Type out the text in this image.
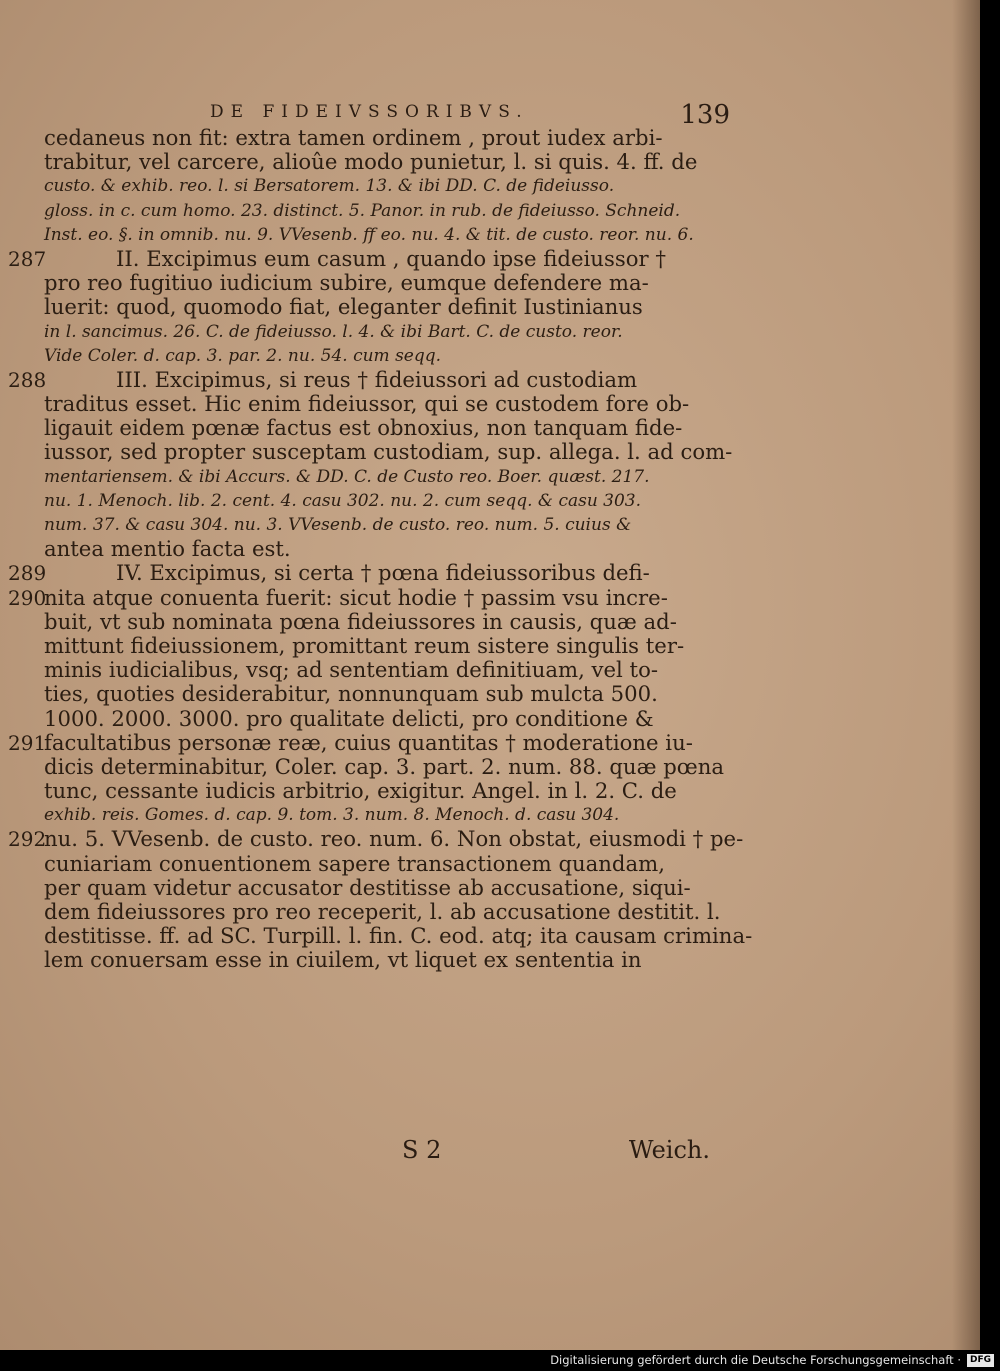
DE FIDEIVSSORIBVS.	139
cedaneus non fit: extra tamen ordinem , prout iudex arbi-
trabitur, vel carcere, alioûe modo punietur, l. si quis. 4. ff. de
custo. & exhib. reo. l. si Bersatorem. 13. & ibi DD. C. de fideiusso.
gloss. in c. cum homo. 23. distinct. 5. Panor. in rub. de fideiusso. Schneid.
Inst. eo. §. in omnib. nu. 9. VVesenb. ff eo. nu. 4. & tit. de custo. reor. nu. 6.
287	II. Excipimus eum casum , quando ipse fideiussor †
pro reo fugitiuo iudicium subire, eumque defendere ma-
luerit: quod, quomodo fiat, eleganter definit Iustinianus
in l. sancimus. 26. C. de fideiusso. l. 4. & ibi Bart. C. de custo. reor.
Vide Coler. d. cap. 3. par. 2. nu. 54. cum seqq.
288	III. Excipimus, si reus † fideiussori ad custodiam
traditus esset. Hic enim fideiussor, qui se custodem fore ob-
ligauit eidem pœnæ factus est obnoxius, non tanquam fide-
iussor, sed propter susceptam custodiam, sup. allega. l. ad com-
mentariensem. & ibi Accurs. & DD. C. de Custo reo. Boer. quæst. 217.
nu. 1. Menoch. lib. 2. cent. 4. casu 302. nu. 2. cum seqq. & casu 303.
num. 37. & casu 304. nu. 3. VVesenb. de custo. reo. num. 5. cuius &
antea mentio facta est.
289	IV. Excipimus, si certa † pœna fideiussoribus defi-
290
nita atque conuenta fuerit: sicut hodie † passim vsu incre-
buit, vt sub nominata pœna fideiussores in causis, quæ ad-
mittunt fideiussionem, promittant reum sistere singulis ter-
minis iudicialibus, vsq; ad sententiam definitiuam, vel to-
ties, quoties desiderabitur, nonnunquam sub mulcta 500.
1000. 2000. 3000. pro qualitate delicti, pro conditione &
291
facultatibus personæ reæ, cuius quantitas † moderatione iu-
dicis determinabitur, Coler. cap. 3. part. 2. num. 88. quæ pœna
tunc, cessante iudicis arbitrio, exigitur. Angel. in l. 2. C. de
exhib. reis. Gomes. d. cap. 9. tom. 3. num. 8. Menoch. d. casu 304.
292
nu. 5. VVesenb. de custo. reo. num. 6. Non obstat, eiusmodi † pe-
cuniariam conuentionem sapere transactionem quandam,
per quam videtur accusator destitisse ab accusatione, siqui-
dem fideiussores pro reo receperit, l. ab accusatione destitit. l.
destitisse. ff. ad SC. Turpill. l. fin. C. eod. atq; ita causam crimina-
lem conuersam esse in ciuilem, vt liquet ex sententia in
S 2	Weich.
Digitalisierung gefördert durch die Deutsche Forschungsgemeinschaft · DFG
